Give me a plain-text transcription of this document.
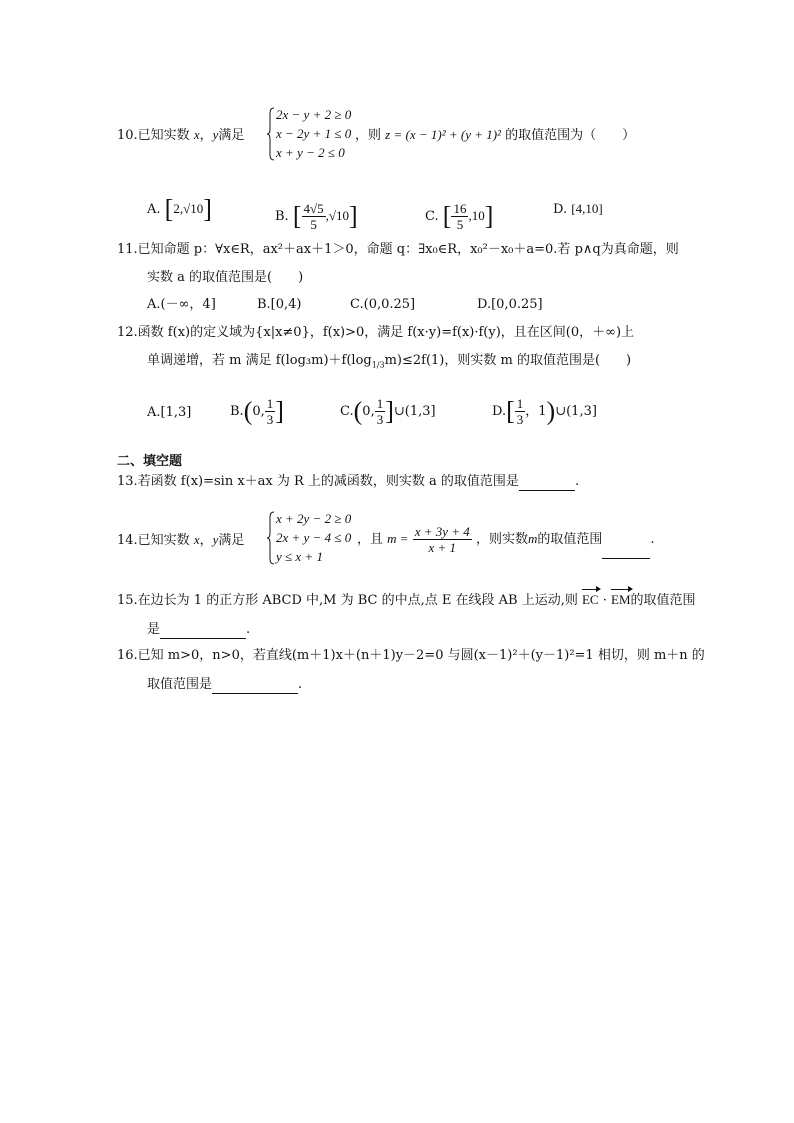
10.已知实数 x，y满足
2x − y + 2 ≥ 0
x − 2y + 1 ≤ 0
x + y − 2 ≤ 0
，则 z = (x − 1)² + (y + 1)² 的取值范围为（　　）
A. [2,√10]	B. [ $\frac{4√5}{5} ,√10$]	C. [ $\frac{16}{5} ,10$]	D. [4,10]
11.已知命题 p：∀x∈R，ax²＋ax＋1＞0，命题 q：∃x₀∈R，x₀²－x₀＋a=0.若 p∧q为真命题，则
实数 a 的取值范围是(　　)
A.(－∞，4]	B.[0,4)	C.(0,0.25]	D.[0,0.25]
12.函数 f(x)的定义域为{x|x≠0}，f(x)>0，满足 f(x·y)=f(x)·f(y)，且在区间(0，＋∞)上
单调递增，若 m 满足 $f(\log_3m)+f(\log_{1/3}m)\le 2f(1)$，则实数 m 的取值范围是(　　)
A.[1,3]	B.(0, $\frac{1}{3}$ ]	C.(0, $\frac{1}{3}$ ]∪(1,3]	$D.[ \frac{1}{3}$ ，1)∪(1,3]
二、填空题
13.若函数 f(x)=sin x＋ax 为 R 上的减函数，则实数 a 的取值范围是	.
14.已知实数 x，y满足
x + 2y − 2 ≥ 0
2x + y − 4 ≤ 0
y ≤ x + 1
，且 $m = \frac{x + 3y + 4}{x + 1}$ ，则实数m的取值范围	.
15.在边长为 1 的正方形 ABCD 中,M 为 BC 的中点,点 E 在线段 AB 上运动,则 EC · EM的取值范围
是	.
16.已知 m>0，n>0，若直线(m＋1)x＋(n＋1)y－2=0 与圆(x－1)²＋(y－1)²=1 相切，则 m＋n 的
取值范围是	.
